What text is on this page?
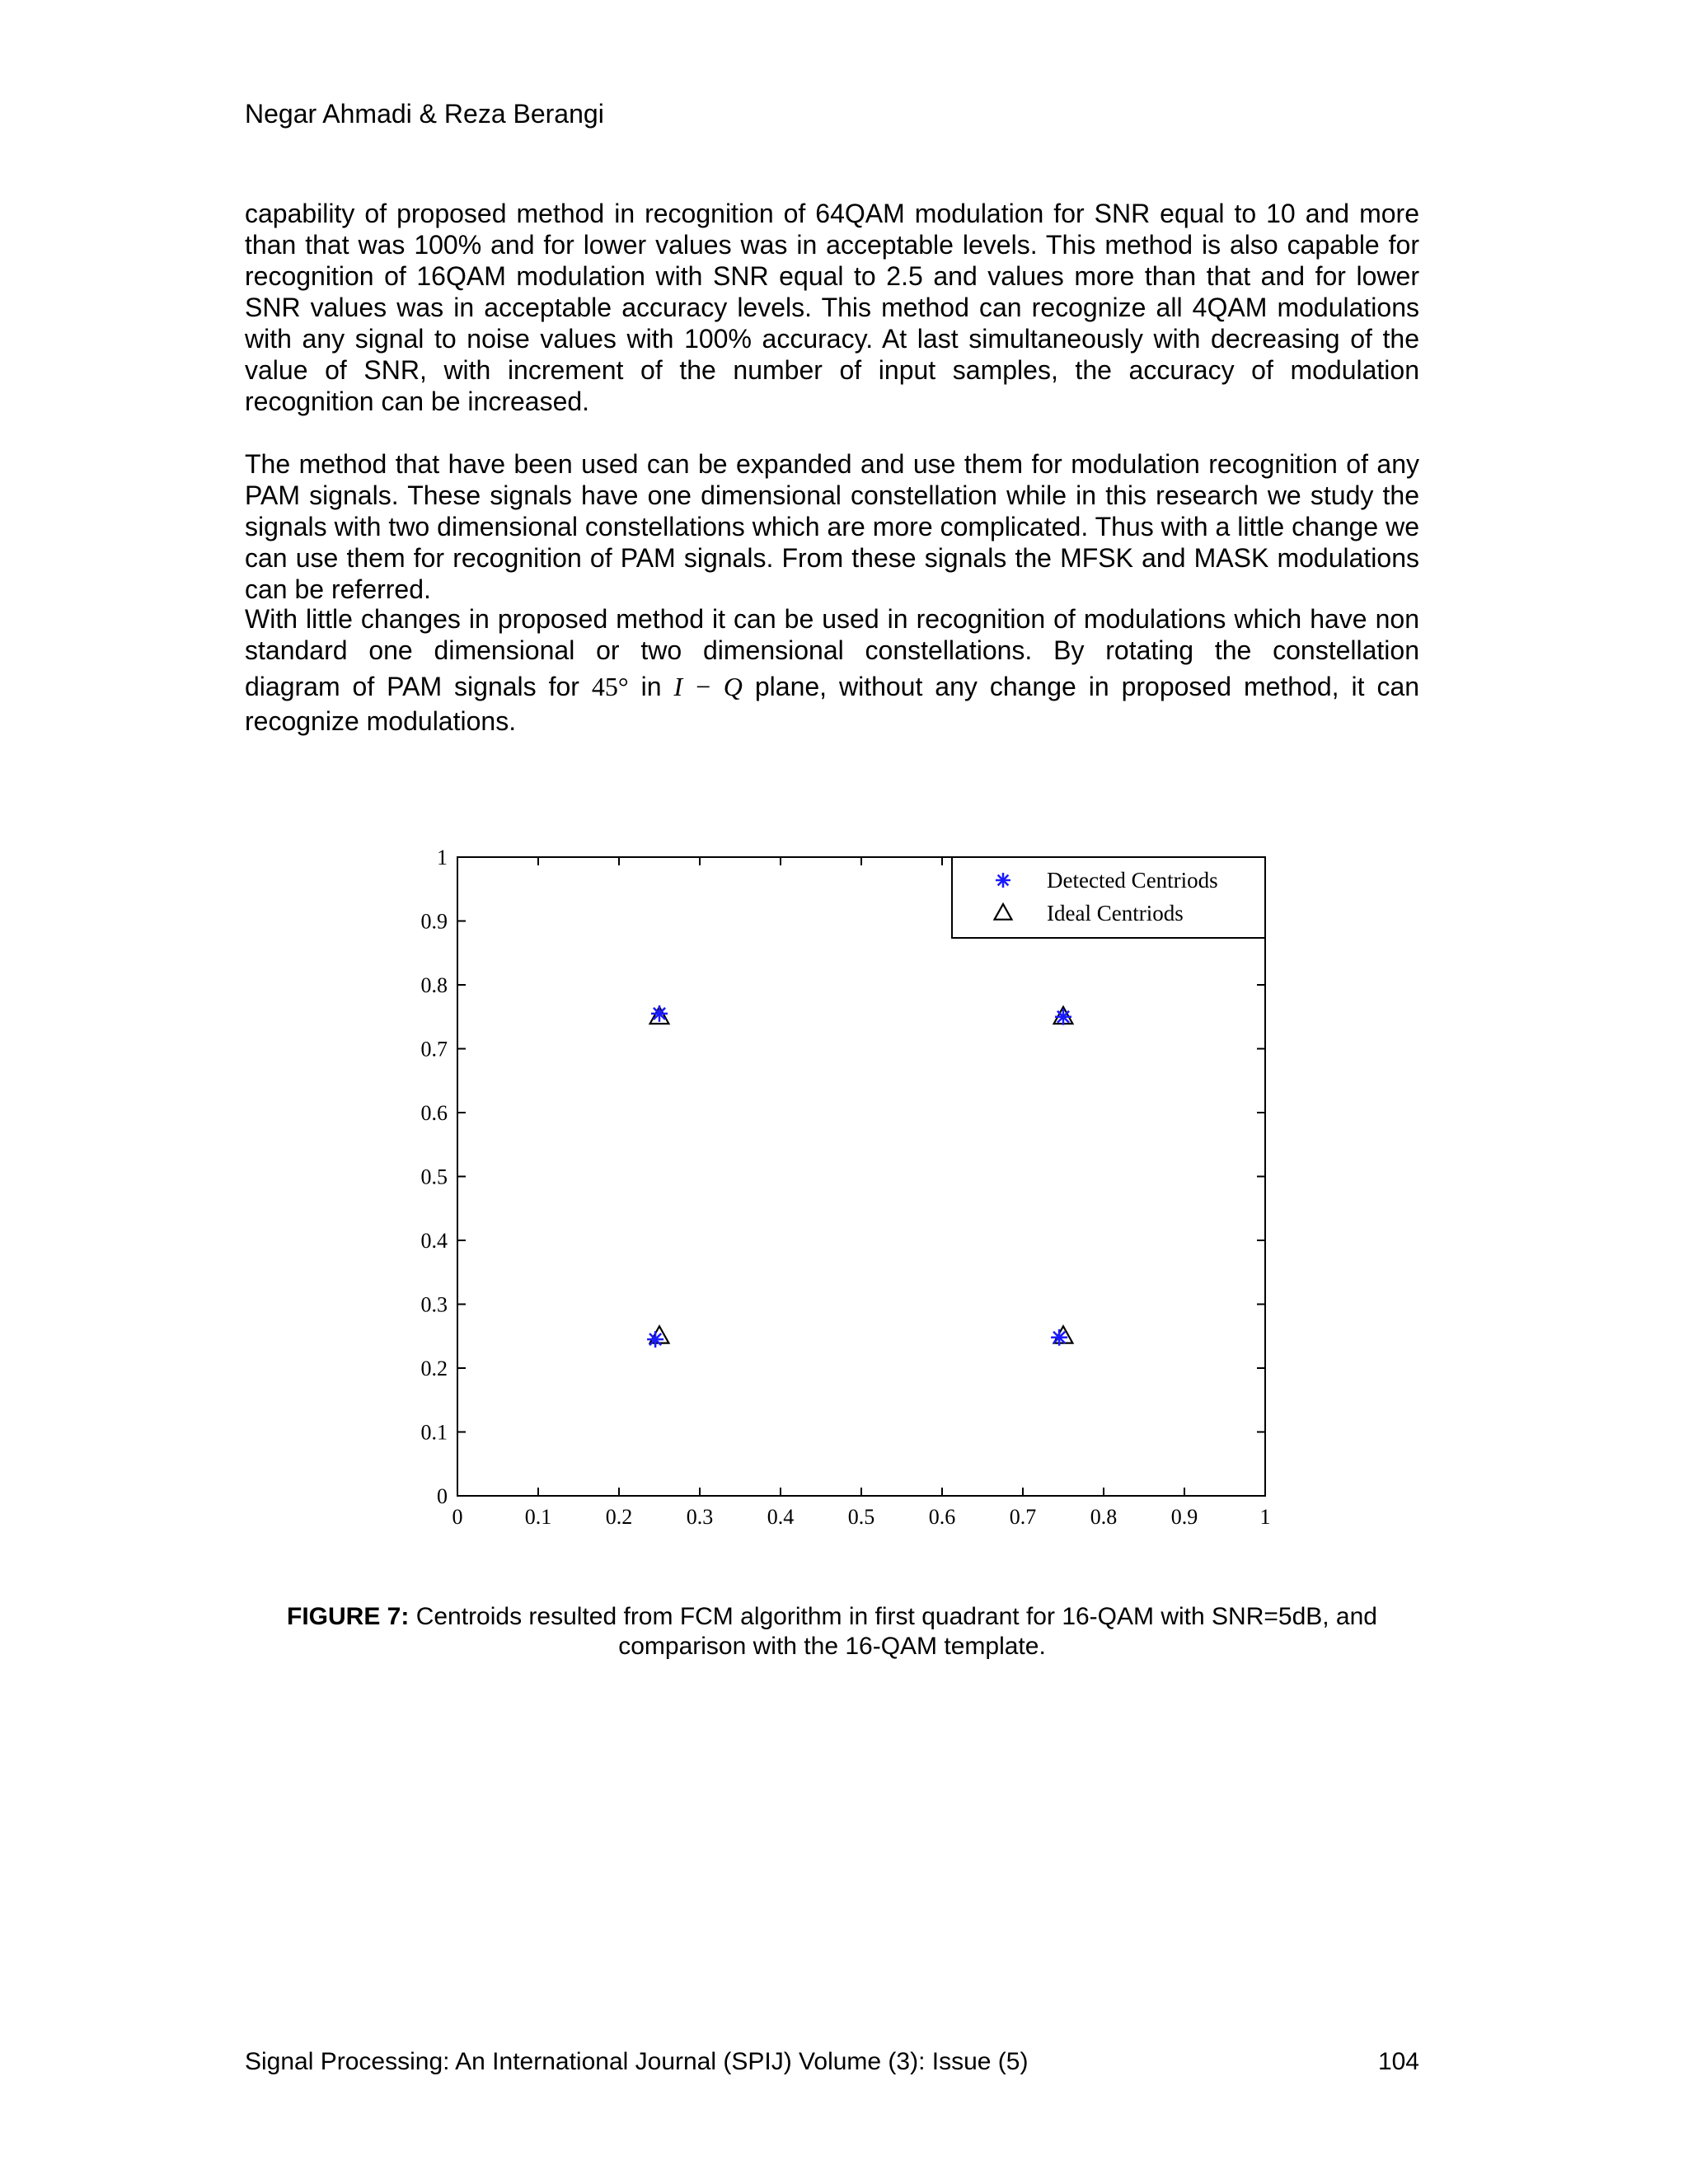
Negar Ahmadi & Reza Berangi

capability of proposed method in recognition of 64QAM modulation for SNR equal to 10 and more than that was 100% and for lower values was in acceptable levels. This method is also capable for recognition of 16QAM modulation with SNR equal to 2.5 and values more than that and for lower SNR values was in acceptable accuracy levels. This method can recognize all 4QAM modulations with any signal to noise values with 100% accuracy. At last simultaneously with decreasing of the value of SNR, with increment of the number of input samples, the accuracy of modulation recognition can be increased.

The method that have been used can be expanded and use them for modulation recognition of any PAM signals. These signals have one dimensional constellation while in this research we study the signals with two dimensional constellations which are more complicated. Thus with a little change we can use them for recognition of PAM signals. From these signals the MFSK and MASK modulations can be referred.

With little changes in proposed method it can be used in recognition of modulations which have non standard one dimensional or two dimensional constellations. By rotating the constellation
diagram of PAM signals for 45° in I − Q plane, without any change in proposed method, it can
recognize modulations.
0	0.1	0.2	0.3	0.4	0.5	0.6	0.7	0.8	0.9	1
0
0.1
0.2
0.3
0.4
0.5
0.6
0.7
0.8
0.9
1
Detected Centriods
Ideal Centriods
FIGURE 7: Centroids resulted from FCM algorithm in first quadrant for 16-QAM with SNR=5dB, and comparison with the 16-QAM template.
Signal Processing: An International Journal (SPIJ) Volume (3): Issue (5)	104
